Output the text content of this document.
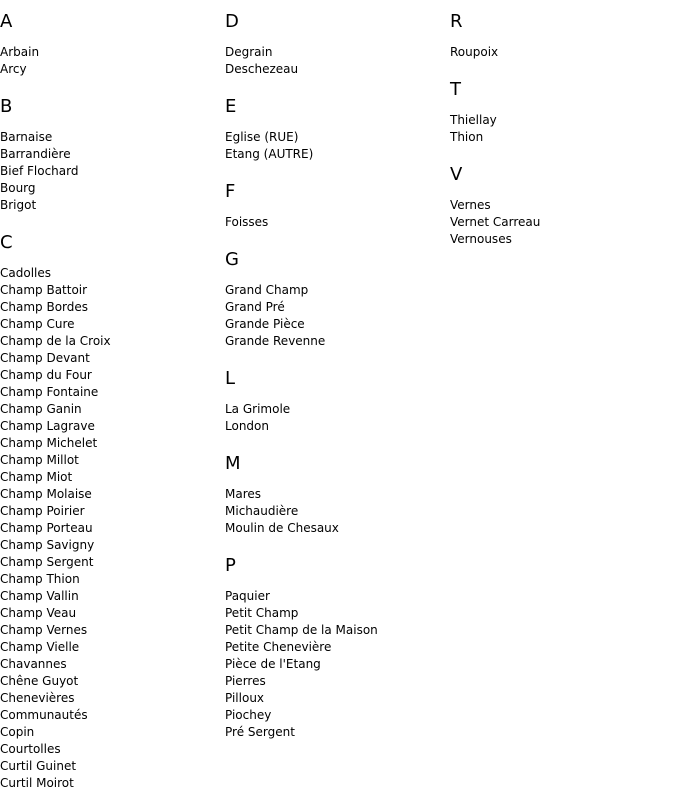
A
Arbain
Arcy
B
Barnaise
Barrandière
Bief Flochard
Bourg
Brigot
C
Cadolles
Champ Battoir
Champ Bordes
Champ Cure
Champ de la Croix
Champ Devant
Champ du Four
Champ Fontaine
Champ Ganin
Champ Lagrave
Champ Michelet
Champ Millot
Champ Miot
Champ Molaise
Champ Poirier
Champ Porteau
Champ Savigny
Champ Sergent
Champ Thion
Champ Vallin
Champ Veau
Champ Vernes
Champ Vielle
Chavannes
Chêne Guyot
Chenevières
Communautés
Copin
Courtolles
Curtil Guinet
Curtil Moirot
D
Degrain
Deschezeau
E
Eglise (RUE)
Etang (AUTRE)
F
Foisses
G
Grand Champ
Grand Pré
Grande Pièce
Grande Revenne
L
La Grimole
London
M
Mares
Michaudière
Moulin de Chesaux
P
Paquier
Petit Champ
Petit Champ de la Maison
Petite Chenevière
Pièce de l'Etang
Pierres
Pilloux
Piochey
Pré Sergent
R
Roupoix
T
Thiellay
Thion
V
Vernes
Vernet Carreau
Vernouses
